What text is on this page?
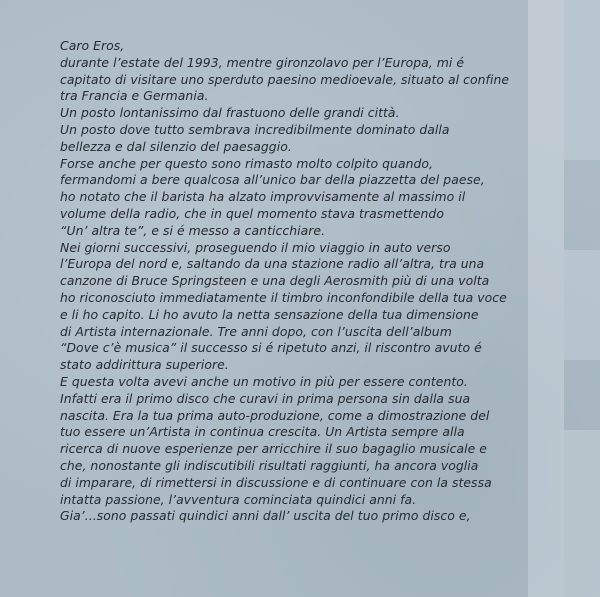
Caro Eros,
durante l’estate del 1993, mentre gironzolavo per l’Europa, mi é
capitato di visitare uno sperduto paesino medioevale, situato al confine
tra Francia e Germania.
Un posto lontanissimo dal frastuono delle grandi città.
Un posto dove tutto sembrava incredibilmente dominato dalla
bellezza e dal silenzio del paesaggio.
Forse anche per questo sono rimasto molto colpito quando,
fermandomi a bere qualcosa all’unico bar della piazzetta del paese,
ho notato che il barista ha alzato improvvisamente al massimo il
volume della radio, che in quel momento stava trasmettendo
“Un’ altra te”, e si é messo a canticchiare.
Nei giorni successivi, proseguendo il mio viaggio in auto verso
l’Europa del nord e, saltando da una stazione radio all’altra, tra una
canzone di Bruce Springsteen e una degli Aerosmith più di una volta
ho riconosciuto immediatamente il timbro inconfondibile della tua voce
e li ho capito. Li ho avuto la netta sensazione della tua dimensione
di Artista internazionale. Tre anni dopo, con l’uscita dell’album
“Dove c’è musica” il successo si é ripetuto anzi, il riscontro avuto é
stato addirittura superiore.
E questa volta avevi anche un motivo in più per essere contento.
Infatti era il primo disco che curavi in prima persona sin dalla sua
nascita. Era la tua prima auto-produzione, come a dimostrazione del
tuo essere un’Artista in continua crescita. Un Artista sempre alla
ricerca di nuove esperienze per arricchire il suo bagaglio musicale e
che, nonostante gli indiscutibili risultati raggiunti, ha ancora voglia
di imparare, di rimettersi in discussione e di continuare con la stessa
intatta passione, l’avventura cominciata quindici anni fa.
Gia’...sono passati quindici anni dall’ uscita del tuo primo disco e,
